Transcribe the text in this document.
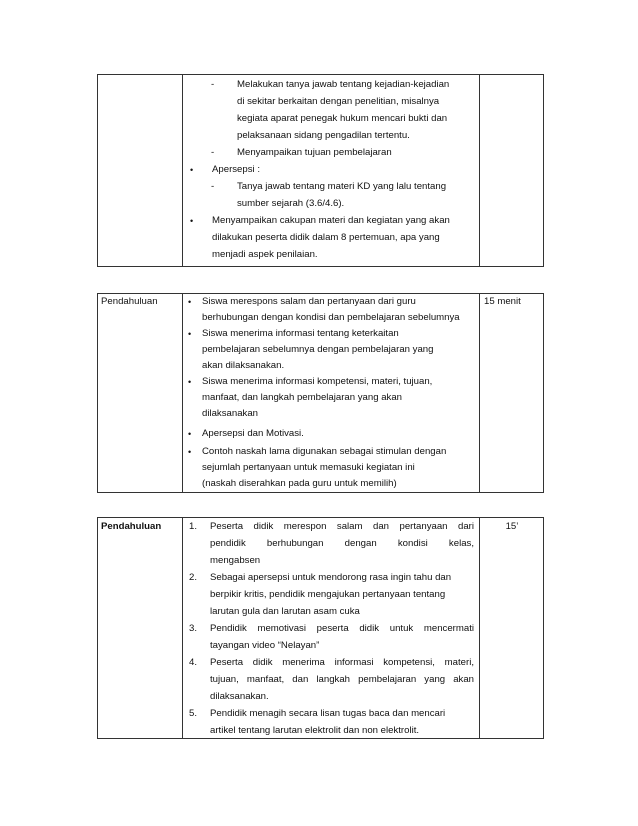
- Melakukan tanya jawab tentang kejadian-kejadian
di sekitar berkaitan dengan penelitian, misalnya
kegiata aparat penegak hukum mencari bukti dan
pelaksanaan sidang pengadilan tertentu.
- Menyampaikan tujuan pembelajaran
• Apersepsi :
- Tanya jawab tentang materi KD yang lalu tentang
sumber sejarah (3.6/4.6).
• Menyampaikan cakupan materi dan kegiatan yang akan
dilakukan peserta didik dalam 8 pertemuan, apa yang
menjadi aspek penilaian.
Pendahuluan	15 menit
• Siswa merespons salam dan pertanyaan dari guru
berhubungan dengan kondisi dan pembelajaran sebelumnya
• Siswa menerima informasi tentang keterkaitan
pembelajaran sebelumnya dengan pembelajaran yang
akan dilaksanakan.
• Siswa menerima informasi kompetensi, materi, tujuan,
manfaat, dan langkah pembelajaran yang akan
dilaksanakan
• Apersepsi dan Motivasi.
• Contoh naskah lama digunakan sebagai stimulan dengan
sejumlah pertanyaan untuk memasuki kegiatan ini
(naskah diserahkan pada guru untuk memilih)
Pendahuluan	15’
1. Peserta didik merespon salam dan pertanyaan dari
pendidik berhubungan dengan kondisi kelas,
mengabsen
2. Sebagai apersepsi untuk mendorong rasa ingin tahu dan
berpikir kritis, pendidik mengajukan pertanyaan tentang
larutan gula dan larutan asam cuka
3. Pendidik memotivasi peserta didik untuk mencermati
tayangan video “Nelayan”
4. Peserta didik menerima informasi kompetensi, materi,
tujuan, manfaat, dan langkah pembelajaran yang akan
dilaksanakan.
5. Pendidik menagih secara lisan tugas baca dan mencari
artikel tentang larutan elektrolit dan non elektrolit.
